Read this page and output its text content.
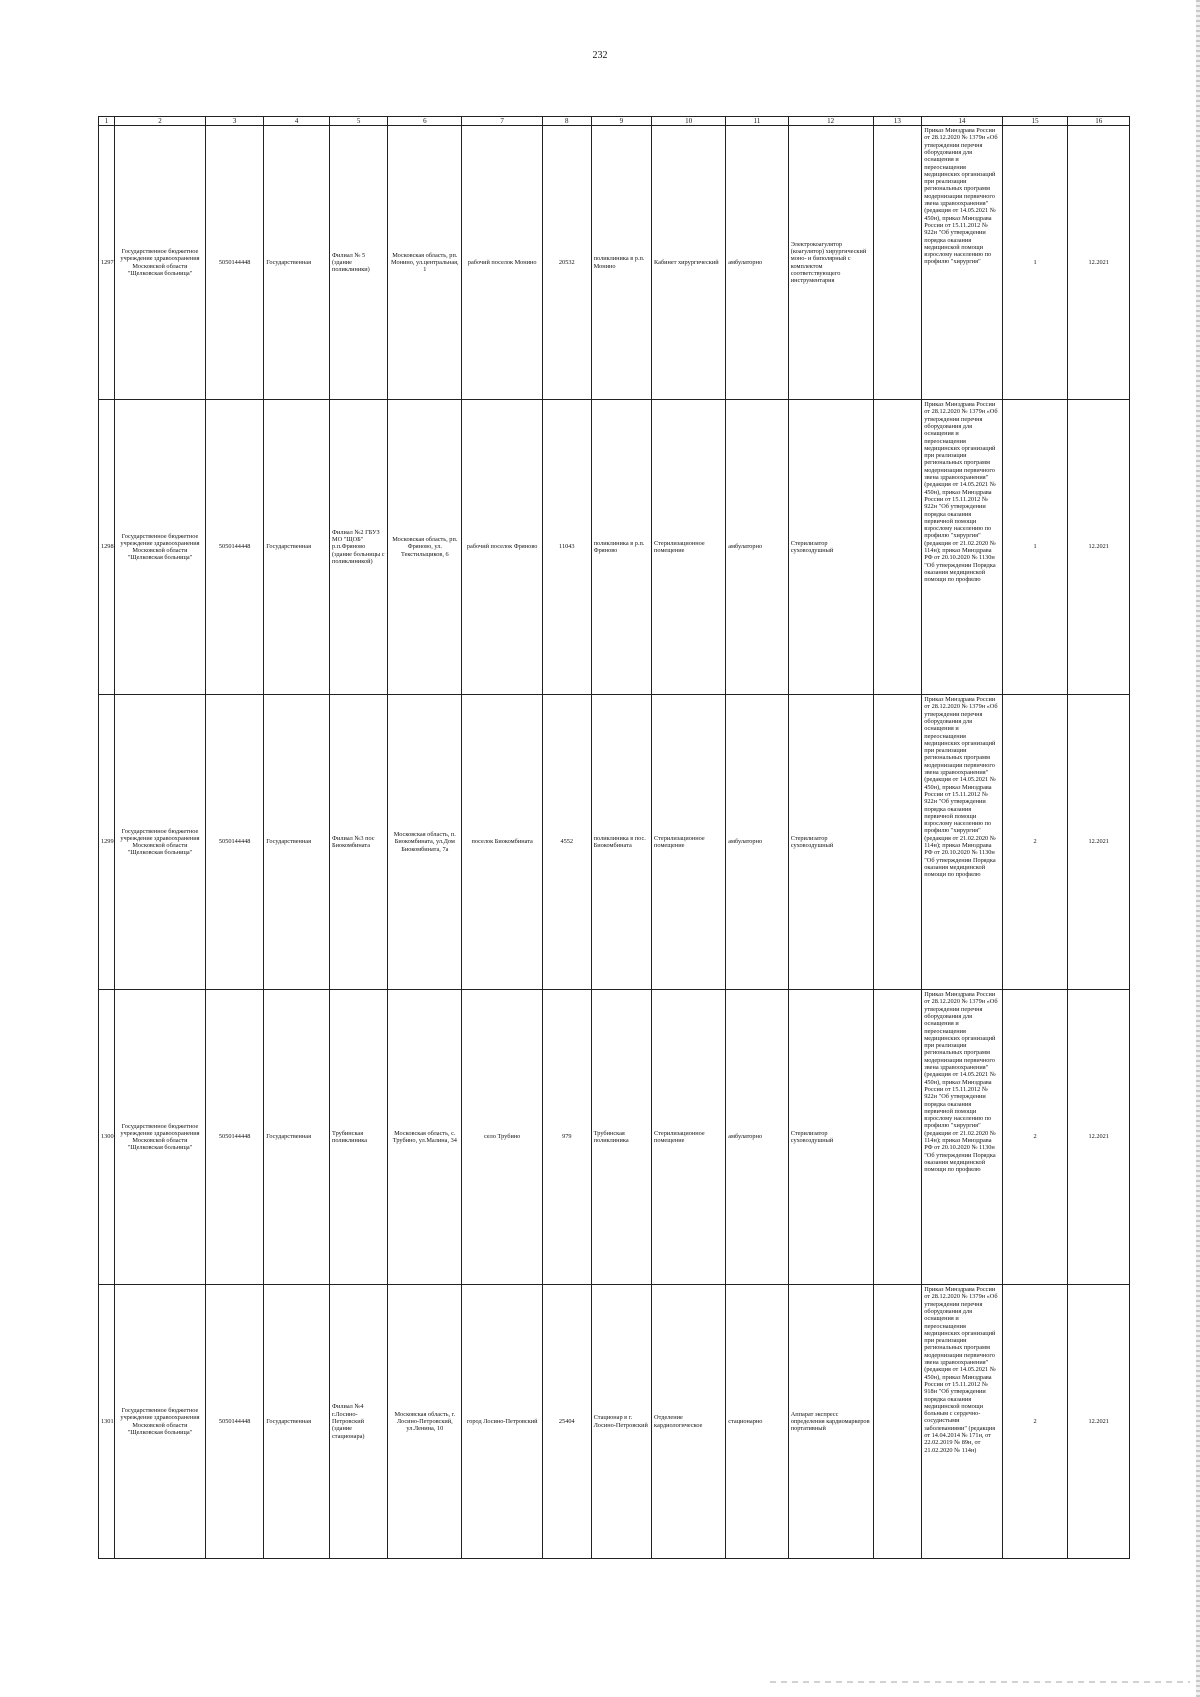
232
1	2	3	4	5	6	7	8	9	10	11	12	13	14	15	16
1297	Государственное бюджетное учреждение здравоохранения Московской области "Щелковская больница"	5050144448	Государственная	Филиал № 5 (здание поликлиники)	Московская область, рп. Монино, ул.центральная, 1	рабочий поселок Монино	20532	поликлиника в р.п. Монино	Кабинет хирургический	амбулаторно	Электрокоагулятор (коагулятор) хирургический моно- и биполярный с комплектом соответствующего инструментария		Приказ Минздрава России от 28.12.2020 № 1379н «Об утверждении перечня оборудования для оснащения и переоснащения медицинских организаций при реализации региональных программ модернизации первичного звена здравоохранения"(редакция от 14.05.2021 № 450н), приказ Минздрава России от 15.11.2012 № 922н "Об утверждении порядка оказания медицинской помощи взрослому населению по профилю "хирургия"	1	12.2021
1298	Государственное бюджетное учреждение здравоохранения Московской области "Щелковская больница"	5050144448	Государственная	Филиал №2 ГБУЗ МО "ЩОБ" р.п.Фряново (здание больницы с поликлиникой)	Московская область, рп. Фряново, ул. Текстильщиков, 6	рабочий поселок Фряново	11043	поликлиника в р.п. Фряново	Стерилизационное помещение	амбулаторно	Стерилизатор суховоздушный		Приказ Минздрава России от 28.12.2020 № 1379н «Об утверждении перечня оборудования для оснащения и переоснащения медицинских организаций при реализации региональных программ модернизации первичного звена здравоохранения"(редакция от 14.05.2021 № 450н), приказ Минздрава России от 15.11.2012 № 922н "Об утверждении порядка оказания первичной помощи взрослому населению по профилю "хирургия" (редакция от 21.02.2020 № 114н); приказ Минздрава РФ от 20.10.2020 № 1130н "Об утверждении Порядка оказания медицинской помощи по профилю	1	12.2021
1299	Государственное бюджетное учреждение здравоохранения Московской области "Щелковская больница"	5050144448	Государственная	Филиал №3 пос Биокомбината	Московская область, п. Биокомбината, ул.Дом Биокомбината, 7а	поселок Биокомбината	4552	поликлиника в пос. Биокомбината	Стерилизационное помещение	амбулаторно	Стерилизатор суховоздушный		Приказ Минздрава России от 28.12.2020 № 1379н «Об утверждении перечня оборудования для оснащения и переоснащения медицинских организаций при реализации региональных программ модернизации первичного звена здравоохранения"(редакция от 14.05.2021 № 450н), приказ Минздрава России от 15.11.2012 № 922н "Об утверждении порядка оказания первичной помощи взрослому населению по профилю "хирургия" (редакция от 21.02.2020 № 114н); приказ Минздрава РФ от 20.10.2020 № 1130н "Об утверждении Порядка оказания медицинской помощи по профилю	2	12.2021
1300	Государственное бюджетное учреждение здравоохранения Московской области "Щелковская больница"	5050144448	Государственная	Трубинская поликлиника	Московская область, с. Трубино, ул.Малина, 34	село Трубино	979	Трубинская поликлиника	Стерилизационное помещение	амбулаторно	Стерилизатор суховоздушный		Приказ Минздрава России от 28.12.2020 № 1379н «Об утверждении перечня оборудования для оснащения и переоснащения медицинских организаций при реализации региональных программ модернизации первичного звена здравоохранения"(редакция от 14.05.2021 № 450н), приказ Минздрава России от 15.11.2012 № 922н "Об утверждении порядка оказания первичной помощи взрослому населению по профилю "хирургия" (редакция от 21.02.2020 № 114н); приказ Минздрава РФ от 20.10.2020 № 1130н "Об утверждении Порядка оказания медицинской помощи по профилю	2	12.2021
1301	Государственное бюджетное учреждение здравоохранения Московской области "Щелковская больница"	5050144448	Государственная	Филиал №4 г.Лосино-Петровский (здание стационара)	Московская область, г. Лосино-Петровский, ул.Ленина, 10	город Лосино-Петровский	25404	Стационар в г. Лосино-Петровский	Отделение кардиологическое	стационарно	Аппарат экспресс определения кардиомаркеров портативный		Приказ Минздрава России от 28.12.2020 № 1379н «Об утверждении перечня оборудования для оснащения и переоснащения медицинских организаций при реализации региональных программ модернизации первичного звена здравоохранения"(редакция от 14.05.2021 № 450н), приказ Минздрава России от 15.11.2012 № 918н "Об утверждении порядка оказания медицинской помощи больным с сердечно-сосудистыми заболеваниями" (редакция от 14.04.2014 № 171н, от 22.02.2019 № 89н, от 21.02.2020 № 114н)	2	12.2021
